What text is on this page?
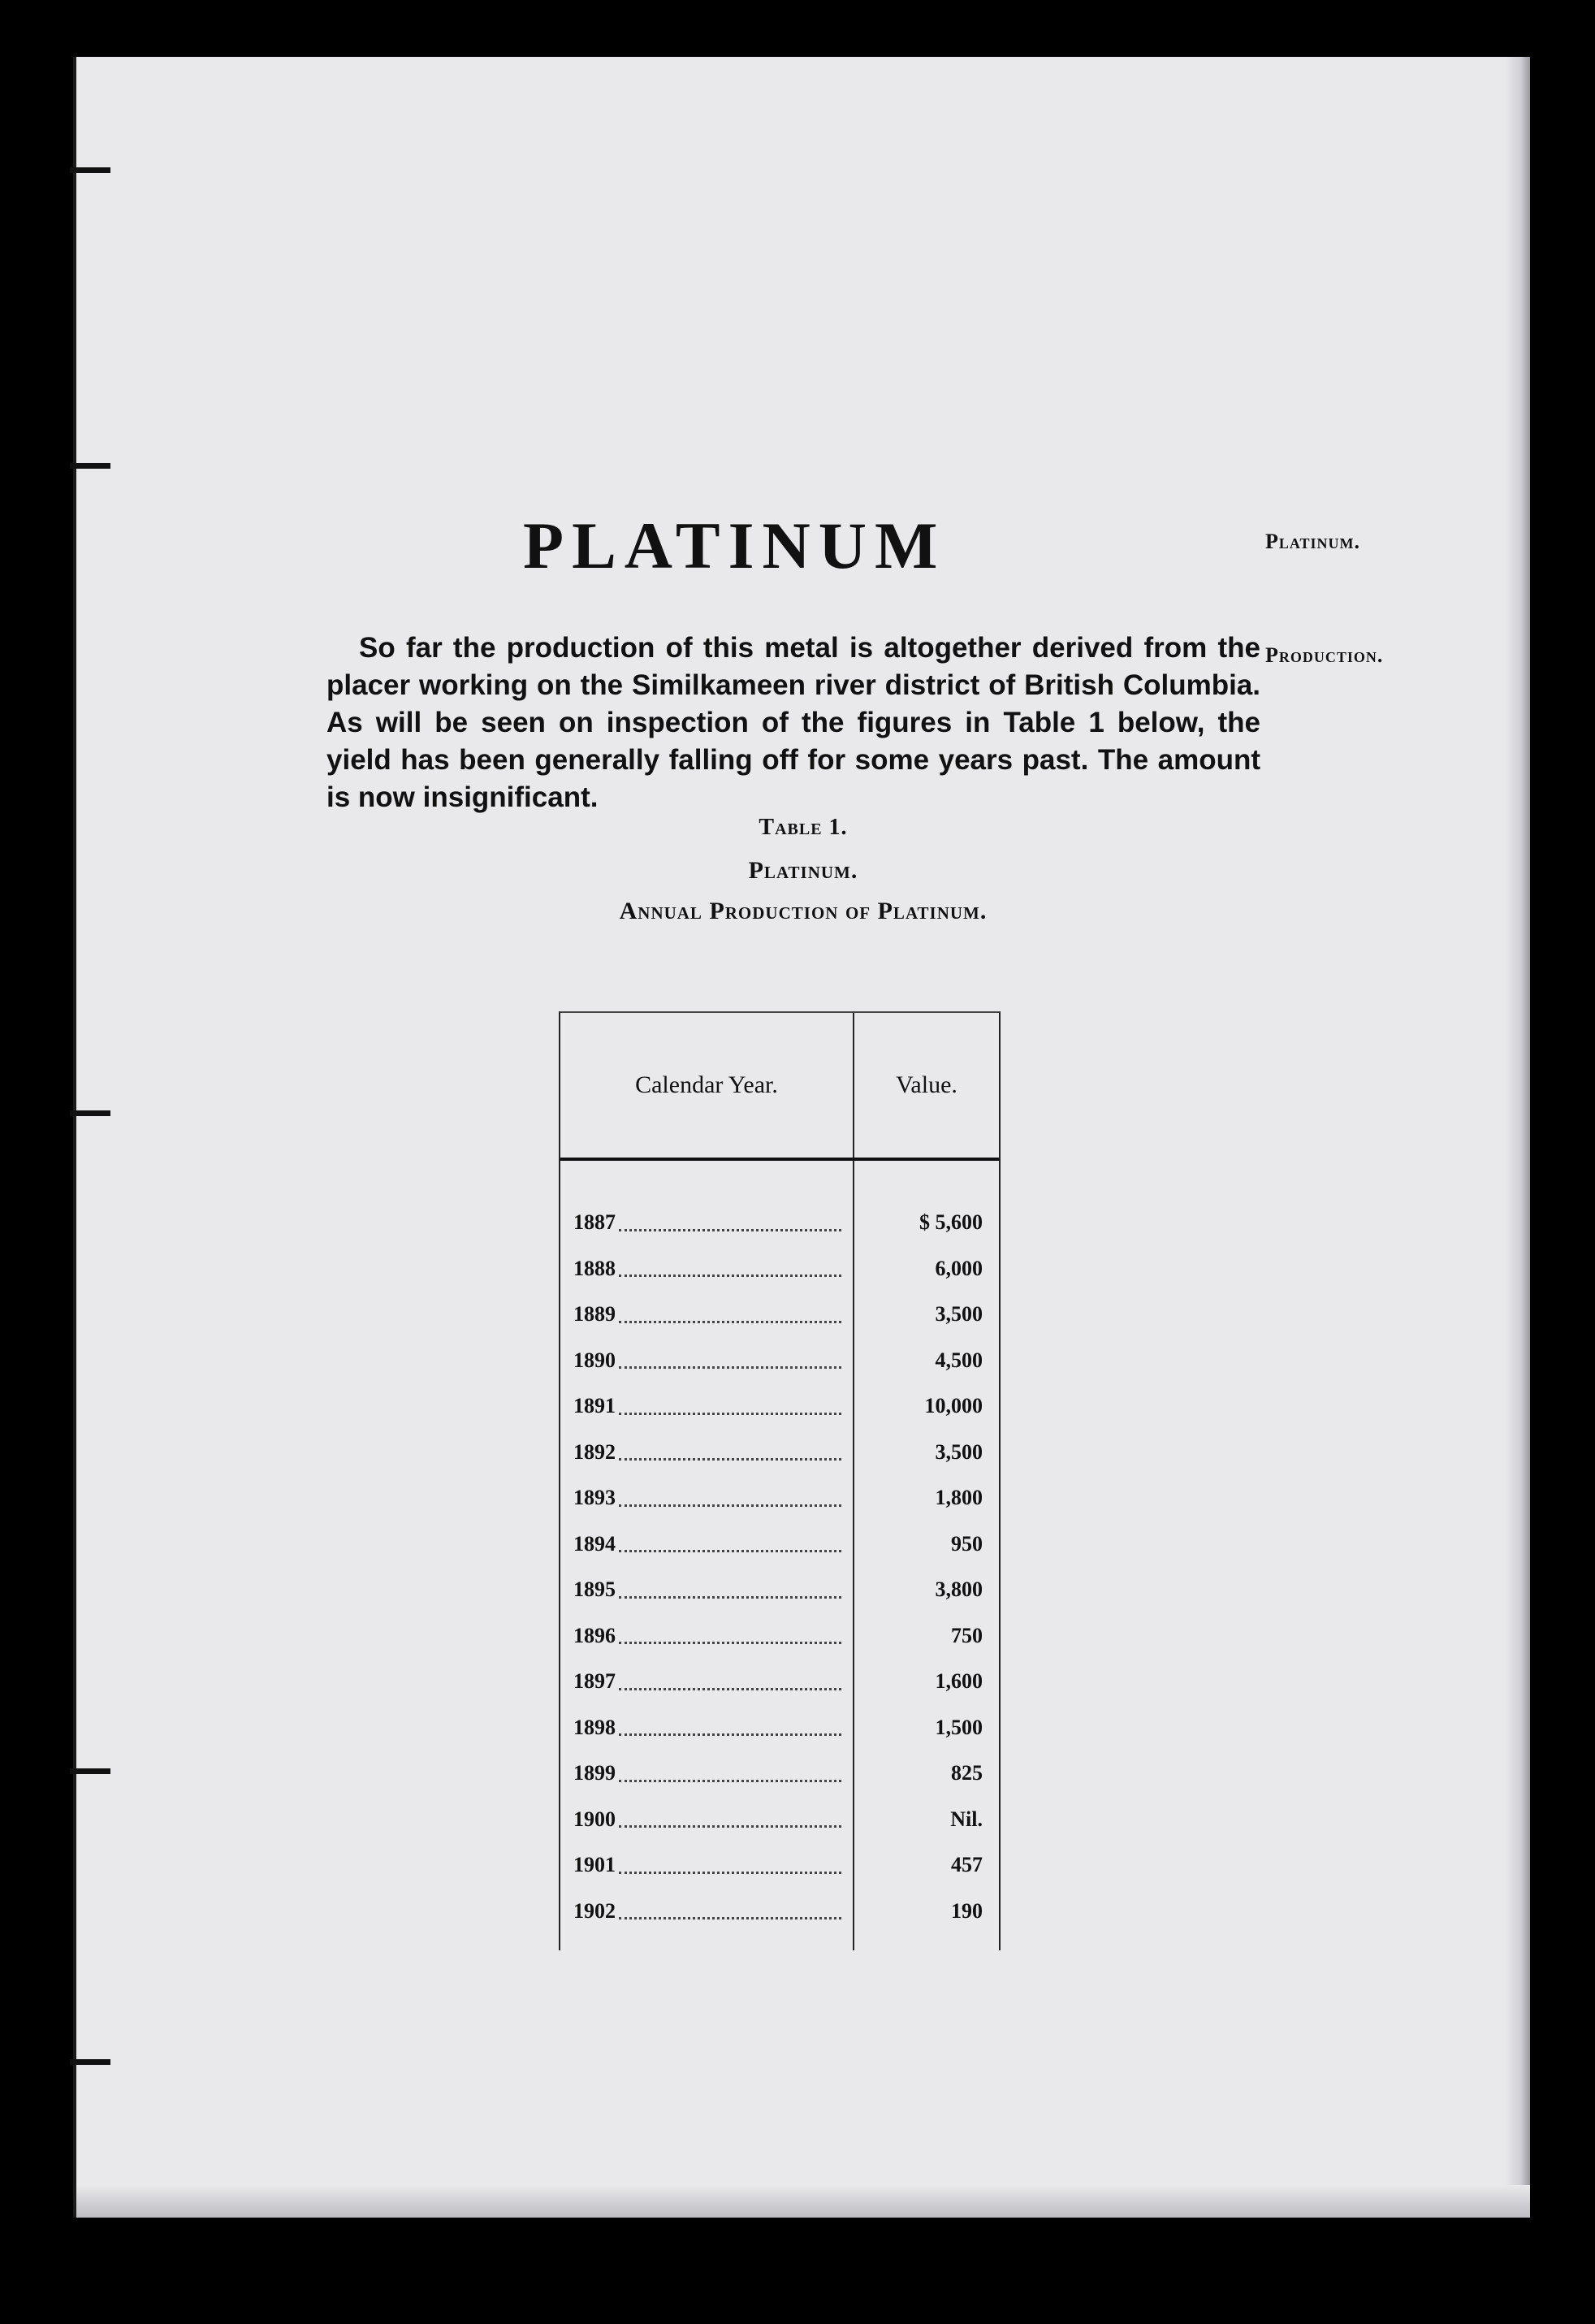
PLATINUM	Platinum.
Production.

So far the production of this metal is altogether derived from the placer working on the Similkameen river district of British Columbia. As will be seen on inspection of the figures in Table 1 below, the yield has been generally falling off for some years past. The amount is now insignificant.

Table 1.
Platinum.
Annual Production of Platinum.
Calendar Year.	Value.
1887
1888
1889
1890
1891
1892
1893
1894
1895
1896
1897
1898
1899
1900
1901
1902
$ 5,600
6,000
3,500
4,500
10,000
3,500
1,800
950
3,800
750
1,600
1,500
825
Nil.
457
190
